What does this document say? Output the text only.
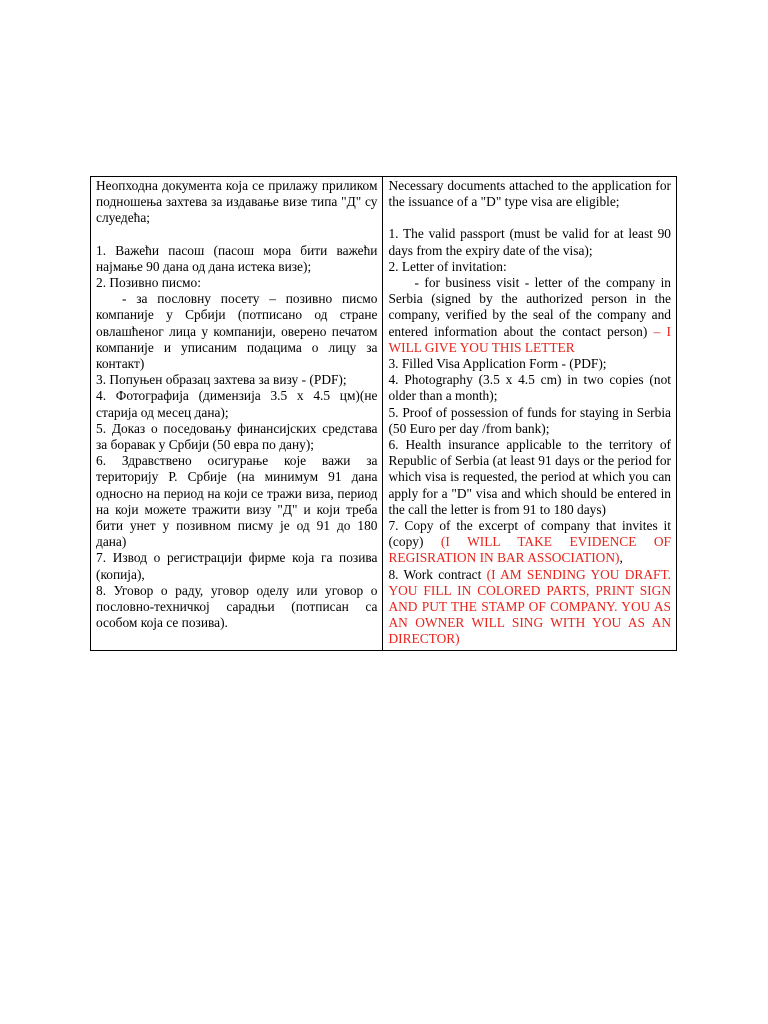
Неопходна документа која се прилажу приликом подношења захтева за издавање визе типа "Д" су слуедећа;

1. Важећи пасош (пасош мора бити важећи најмање 90 дана од дана истека визе);

2. Позивно писмо:

- за пословну посету – позивно писмо компаније у Србији (потписано од стране овлашћеног лица у компанији, оверено печатом компаније и уписаним подацима о лицу за контакт)

3. Попуњен образац захтева за визу - (PDF);

4. Фотографија (димензија 3.5 x 4.5 цм)(не старија од месец дана);

5. Доказ о поседовању финансијских средстава за боравак у Србији (50 евра по дану);

6. Здравствено осигурање које важи за територију Р. Србије (на минимум 91 дана односно на период на који се тражи виза, период на који можете тражити визу "Д" и који треба бити унет у позивном писму је од 91 до 180 дана)

7. Извод о регистрацији фирме која га позива (копија),

8. Уговор о раду, уговор оделу или уговор о пословно-техничкој сарадњи (потписан са особом која се позива).

Necessary documents attached to the application for the issuance of a "D" type visa are eligible;

1. The valid passport (must be valid for at least 90 days from the expiry date of the visa);

2. Letter of invitation:

- for business visit - letter of the company in Serbia (signed by the authorized person in the company, verified by the seal of the company and entered information about the contact person) – I WILL GIVE YOU THIS LETTER

3. Filled Visa Application Form - (PDF);

4. Photography (3.5 x 4.5 cm) in two copies (not older than a month);

5. Proof of possession of funds for staying in Serbia (50 Euro per day /from bank);

6. Health insurance applicable to the territory of Republic of Serbia (at least 91 days or the period for which visa is requested, the period at which you can apply for a "D" visa and which should be entered in the call the letter is from 91 to 180 days)

7. Copy of the excerpt of company that invites it (copy) (I WILL TAKE EVIDENCE OF REGISRATION IN BAR ASSOCIATION),

8. Work contract (I AM SENDING YOU DRAFT. YOU FILL IN COLORED PARTS, PRINT SIGN AND PUT THE STAMP OF COMPANY. YOU AS AN OWNER WILL SING WITH YOU AS AN DIRECTOR)
